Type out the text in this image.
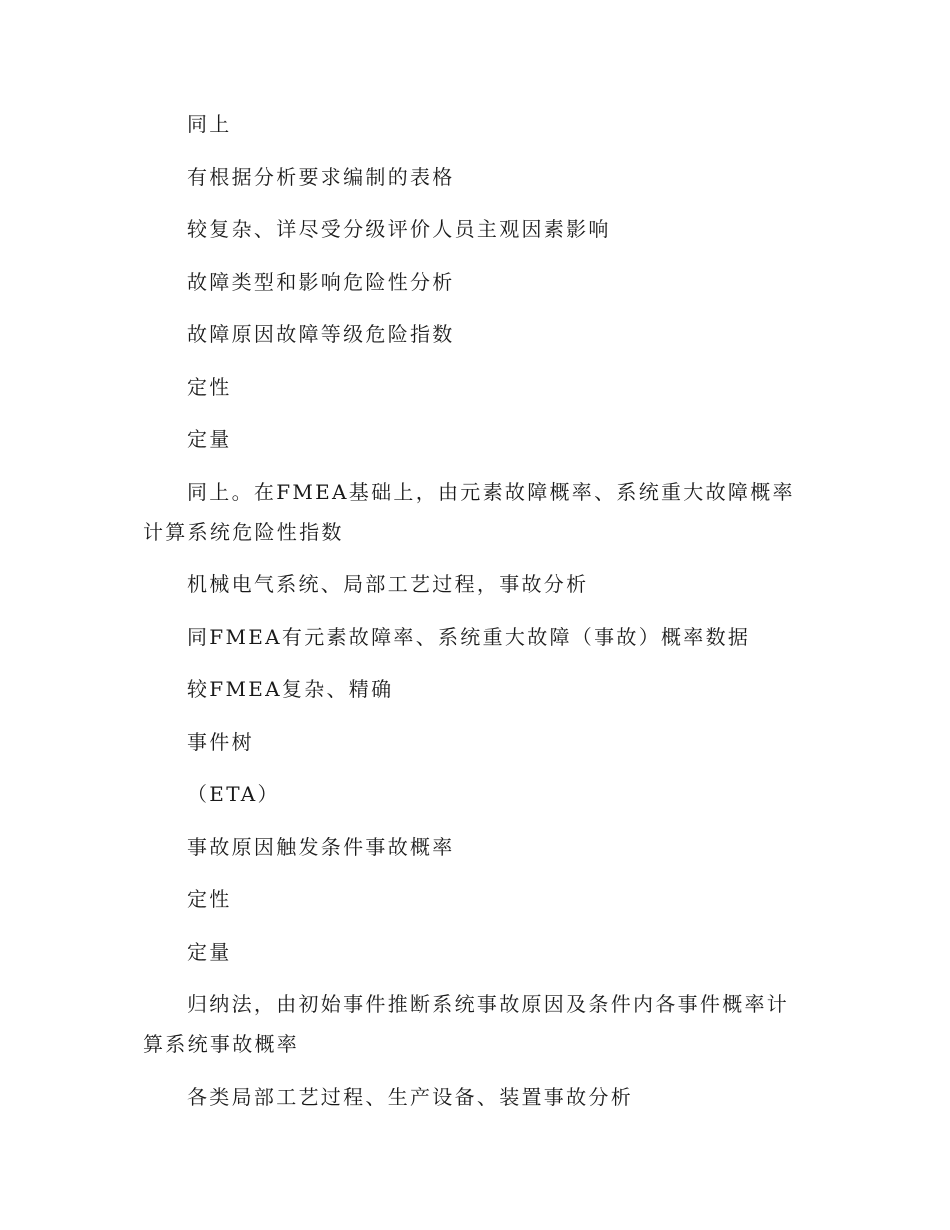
同上

有根据分析要求编制的表格

较复杂、详尽受分级评价人员主观因素影响

故障类型和影响危险性分析

故障原因故障等级危险指数

定性

定量

同上。在FMEA基础上，由元素故障概率、系统重大故障概率计算系统危险性指数

机械电气系统、局部工艺过程，事故分析

同FMEA有元素故障率、系统重大故障（事故）概率数据

较FMEA复杂、精确

事件树

（ETA）

事故原因触发条件事故概率

定性

定量

归纳法，由初始事件推断系统事故原因及条件内各事件概率计算系统事故概率

各类局部工艺过程、生产设备、装置事故分析
